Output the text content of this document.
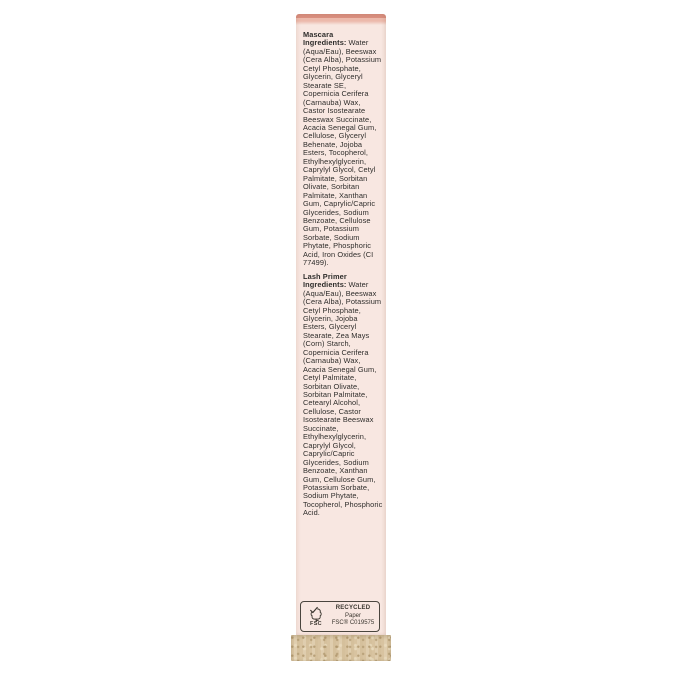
Mascara Ingredients: Water (Aqua/Eau), Beeswax (Cera Alba), Potassium Cetyl Phosphate, Glycerin, Glyceryl Stearate SE, Copernicia Cerifera (Carnauba) Wax, Castor Isostearate Beeswax Succinate, Acacia Senegal Gum, Cellulose, Glyceryl Behenate, Jojoba Esters, Tocopherol, Ethylhexylglycerin, Caprylyl Glycol, Cetyl Palmitate, Sorbitan Olivate, Sorbitan Palmitate, Xanthan Gum, Caprylic/Capric Glycerides, Sodium Benzoate, Cellulose Gum, Potassium Sorbate, Sodium Phytate, Phosphoric Acid, Iron Oxides (CI 77499).

Lash Primer Ingredients: Water (Aqua/Eau), Beeswax (Cera Alba), Potassium Cetyl Phosphate, Glycerin, Jojoba Esters, Glyceryl Stearate, Zea Mays (Corn) Starch, Copernicia Cerifera (Carnauba) Wax, Acacia Senegal Gum, Cetyl Palmitate, Sorbitan Olivate, Sorbitan Palmitate, Cetearyl Alcohol, Cellulose, Castor Isostearate Beeswax Succinate, Ethylhexylglycerin, Caprylyl Glycol, Caprylic/Capric Glycerides, Sodium Benzoate, Xanthan Gum, Cellulose Gum, Potassium Sorbate, Sodium Phytate, Tocopherol, Phosphoric Acid.

FSC
RECYCLED
Paper
FSC® C019575
